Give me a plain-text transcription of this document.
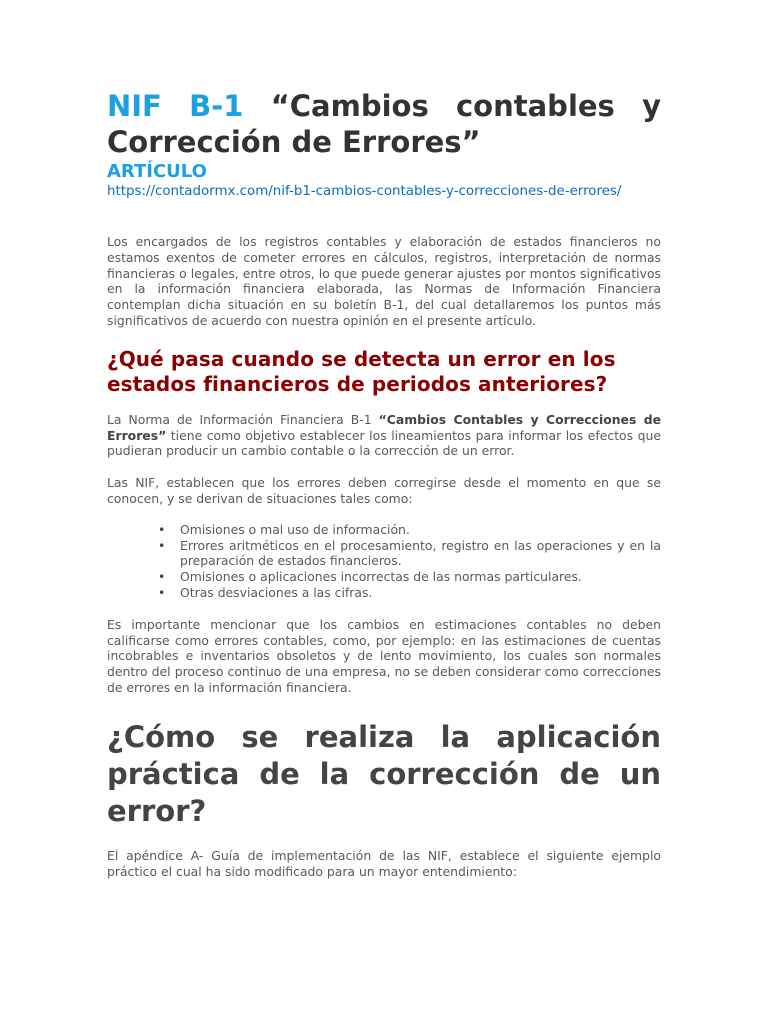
NIF B-1 “Cambios contables y Corrección de Errores”
ARTÍCULO
https://contadormx.com/nif-b1-cambios-contables-y-correcciones-de-errores/

Los encargados de los registros contables y elaboración de estados financieros no estamos exentos de cometer errores en cálculos, registros, interpretación de normas financieras o legales, entre otros, lo que puede generar ajustes por montos significativos en la información financiera elaborada, las Normas de Información Financiera contemplan dicha situación en su boletín B-1, del cual detallaremos los puntos más significativos de acuerdo con nuestra opinión en el presente artículo.

¿Qué pasa cuando se detecta un error en los estados financieros de periodos anteriores?

La Norma de Información Financiera B-1 “Cambios Contables y Correcciones de Errores” tiene como objetivo establecer los lineamientos para informar los efectos que pudieran producir un cambio contable o la corrección de un error.

Las NIF, establecen que los errores deben corregirse desde el momento en que se conocen, y se derivan de situaciones tales como:

• Omisiones o mal uso de información.
• Errores aritméticos en el procesamiento, registro en las operaciones y en la preparación de estados financieros.
• Omisiones o aplicaciones incorrectas de las normas particulares.
• Otras desviaciones a las cifras.

Es importante mencionar que los cambios en estimaciones contables no deben calificarse como errores contables, como, por ejemplo: en las estimaciones de cuentas incobrables e inventarios obsoletos y de lento movimiento, los cuales son normales dentro del proceso continuo de una empresa, no se deben considerar como correcciones de errores en la información financiera.

¿Cómo se realiza la aplicación práctica de la corrección de un error?

El apéndice A- Guía de implementación de las NIF, establece el siguiente ejemplo práctico el cual ha sido modificado para un mayor entendimiento:
